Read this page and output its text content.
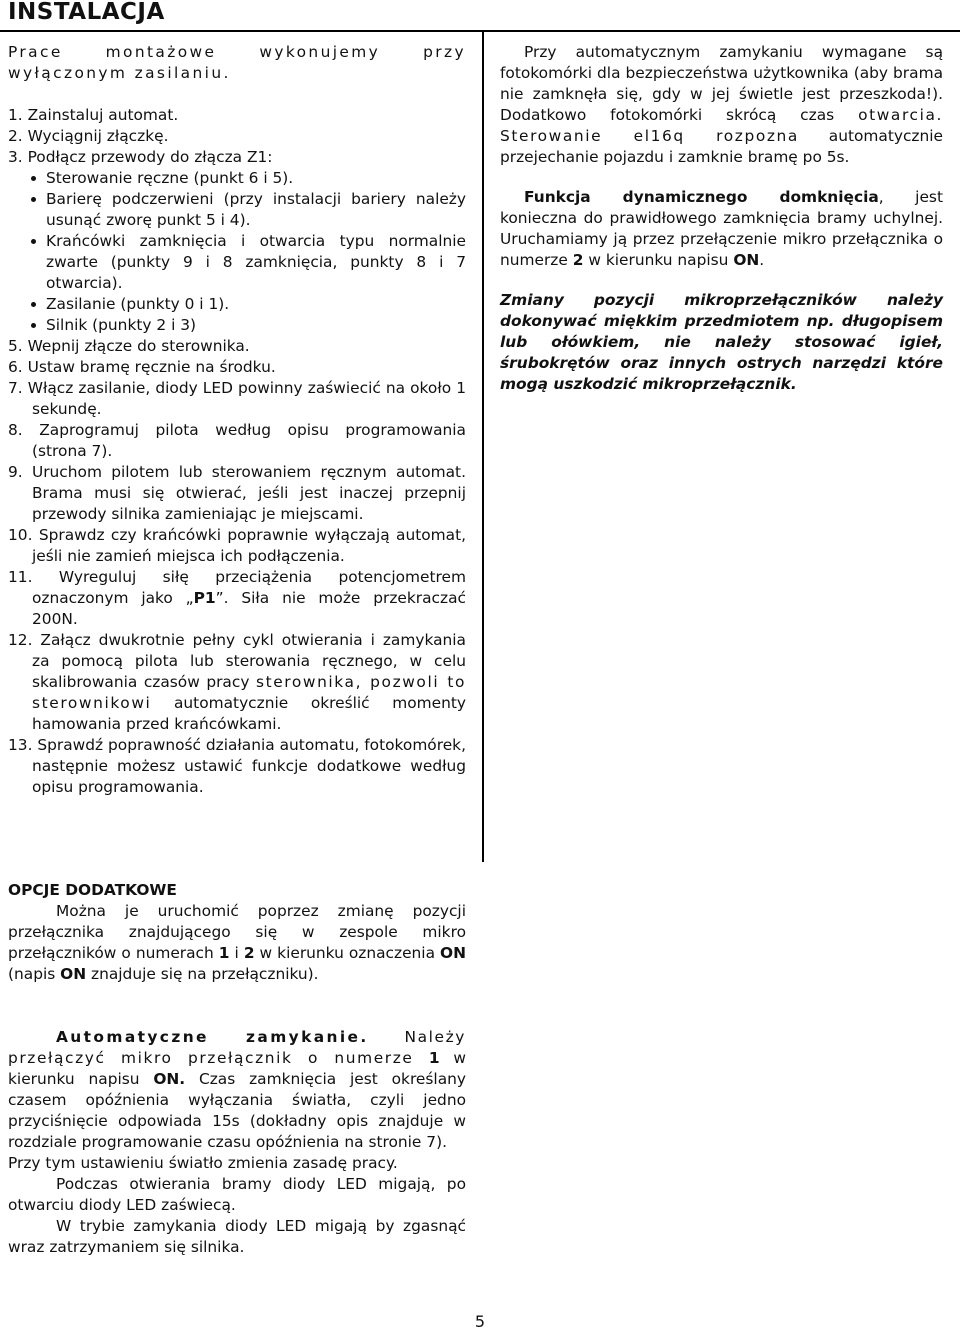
INSTALACJA

Prace montażowe wykonujemy przy wyłączonym zasilaniu.

1. Zainstaluj automat.

2. Wyciągnij złączkę.

3. Podłącz przewody do złącza Z1:

Sterowanie ręczne (punkt 6 i 5).

Barierę podczerwieni (przy instalacji bariery należy usunąć zworę punkt 5 i 4).

Krańcówki zamknięcia i otwarcia typu normalnie zwarte (punkty 9 i 8 zamknięcia, punkty 8 i 7 otwarcia).

Zasilanie (punkty 0 i 1).

Silnik (punkty 2 i 3)

5. Wepnij złącze do sterownika.

6. Ustaw bramę ręcznie na środku.

7. Włącz zasilanie, diody LED powinny zaświecić na około 1 sekundę.

8. Zaprogramuj pilota według opisu programowania (strona 7).

9. Uruchom pilotem lub sterowaniem ręcznym automat. Brama musi się otwierać, jeśli jest inaczej przepnij przewody silnika zamieniając je miejscami.

10. Sprawdz czy krańcówki poprawnie wyłączają automat, jeśli nie zamień miejsca ich podłączenia.

11. Wyreguluj siłę przeciążenia potencjometrem oznaczonym jako „P1”. Siła nie może przekraczać 200N.

12. Załącz dwukrotnie pełny cykl otwierania i zamykania za pomocą pilota lub sterowania ręcznego, w celu skalibrowania czasów pracy sterownika, pozwoli to sterownikowi automatycznie określić momenty hamowania przed krańcówkami.

13. Sprawdź poprawność działania automatu, fotokomórek, następnie możesz ustawić funkcje dodatkowe według opisu programowania.

Przy automatycznym zamykaniu wymagane są fotokomórki dla bezpieczeństwa użytkownika (aby brama nie zamknęła się, gdy w jej świetle jest przeszkoda!). Dodatkowo fotokomórki skrócą czas otwarcia. Sterowanie el16q rozpozna automatycznie przejechanie pojazdu i zamknie bramę po 5s.

Funkcja dynamicznego domknięcia, jest konieczna do prawidłowego zamknięcia bramy uchylnej. Uruchamiamy ją przez przełączenie mikro przełącznika o numerze 2 w kierunku napisu ON.

Zmiany pozycji mikroprzełączników należy dokonywać miękkim przedmiotem np. długopisem lub ołówkiem, nie należy stosować igieł, śrubokrętów oraz innych ostrych narzędzi które mogą uszkodzić mikroprzełącznik.

OPCJE DODATKOWE

Można je uruchomić poprzez zmianę pozycji przełącznika znajdującego się w zespole mikro przełączników o numerach 1 i 2 w kierunku oznaczenia ON (napis ON znajduje się na przełączniku).

Automatyczne zamykanie. Należy przełączyć mikro przełącznik o numerze 1 w kierunku napisu ON. Czas zamknięcia jest określany czasem opóźnienia wyłączania światła, czyli jedno przyciśnięcie odpowiada 15s (dokładny opis znajduje w rozdziale programowanie czasu opóźnienia na stronie 7).

Przy tym ustawieniu światło zmienia zasadę pracy.

Podczas otwierania bramy diody LED migają, po otwarciu diody LED zaświecą.

W trybie zamykania diody LED migają by zgasnąć wraz zatrzymaniem się silnika.

5
